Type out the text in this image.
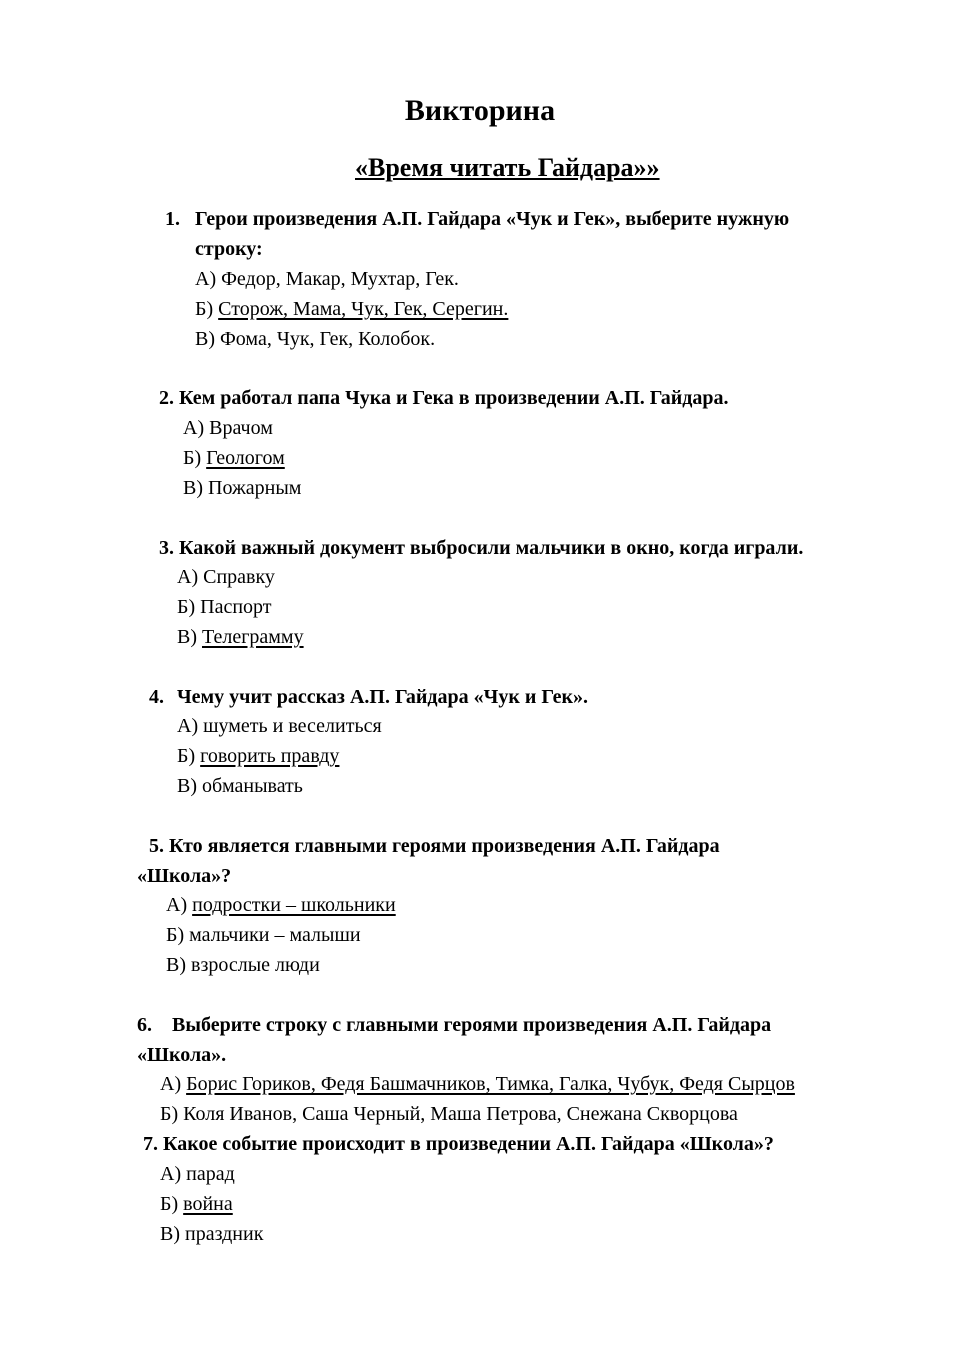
Викторина
«Время читать Гайдара»»

1. Герои произведения А.П. Гайдара «Чук и Гек», выберите нужную

строку:

А) Федор, Макар, Мухтар, Гек.

Б) Сторож, Мама, Чук, Гек, Серегин.

В) Фома, Чук, Гек, Колобок.

2. Кем работал папа Чука и Гека в произведении А.П. Гайдара.

А) Врачом

Б) Геологом

В) Пожарным

3. Какой важный документ выбросили мальчики в окно, когда играли.

А) Справку

Б) Паспорт

В) Телеграмму

4. Чему учит рассказ А.П. Гайдара «Чук и Гек».

А) шуметь и веселиться

Б) говорить правду

В) обманывать

5. Кто является главными героями произведения А.П. Гайдара

«Школа»?

А) подростки – школьники

Б) мальчики – малыши

В) взрослые люди

6. Выберите строку с главными героями произведения А.П. Гайдара

«Школа».

А) Борис Гориков, Федя Башмачников, Тимка, Галка, Чубук, Федя Сырцов

Б) Коля Иванов, Саша Черный, Маша Петрова, Снежана Скворцова

7. Какое событие происходит в произведении А.П. Гайдара «Школа»?

А) парад

Б) война

В) праздник
